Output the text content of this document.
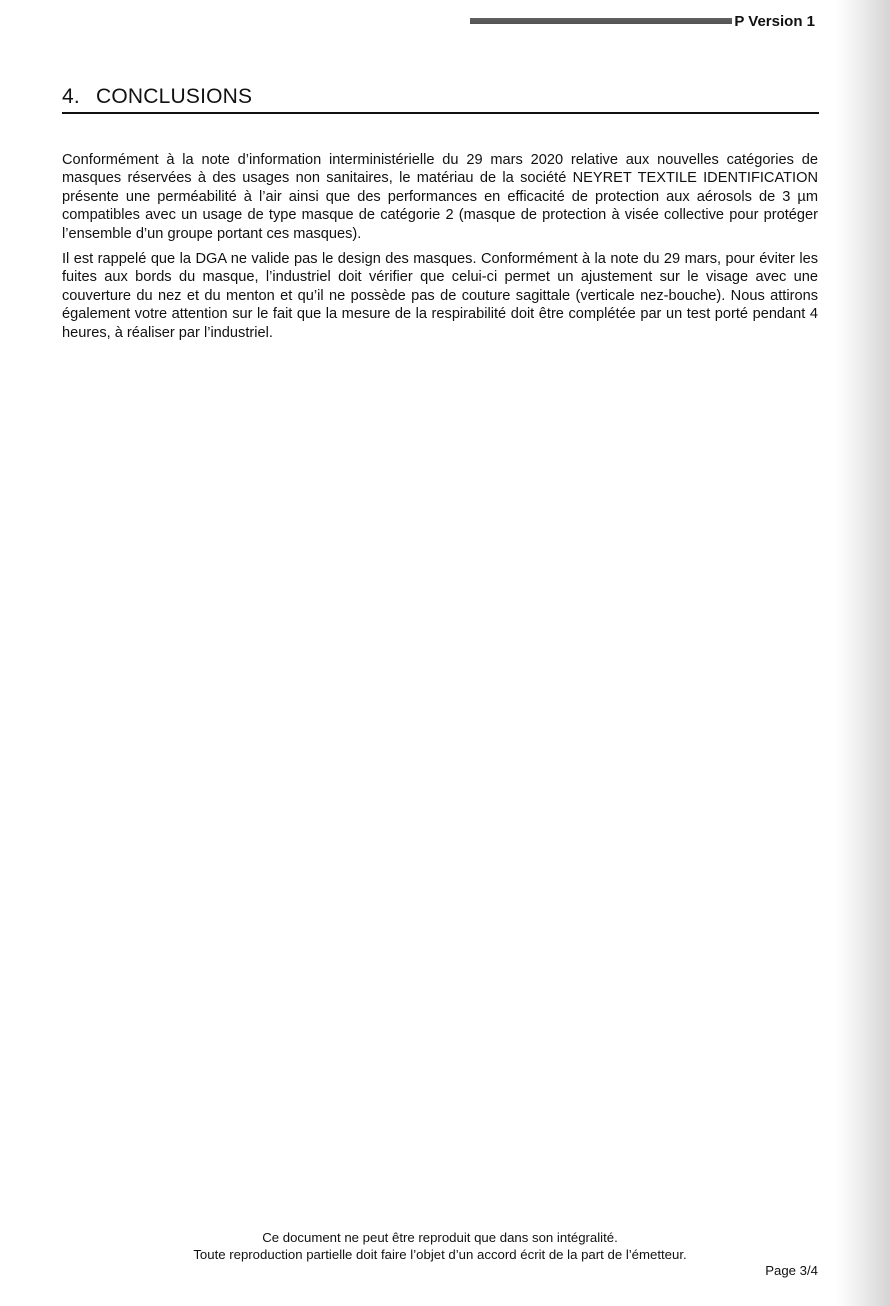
P Version 1
4. CONCLUSIONS

Conformément à la note d’information interministérielle du 29 mars 2020 relative aux nouvelles catégories de masques réservées à des usages non sanitaires, le matériau de la société NEYRET TEXTILE IDENTIFICATION présente une perméabilité à l’air ainsi que des performances en efficacité de protection aux aérosols de 3 µm compatibles avec un usage de type masque de catégorie 2 (masque de protection à visée collective pour protéger l’ensemble d’un groupe portant ces masques).

Il est rappelé que la DGA ne valide pas le design des masques. Conformément à la note du 29 mars, pour éviter les fuites aux bords du masque, l’industriel doit vérifier que celui-ci permet un ajustement sur le visage avec une couverture du nez et du menton et qu’il ne possède pas de couture sagittale (verticale nez-bouche). Nous attirons également votre attention sur le fait que la mesure de la respirabilité doit être complétée par un test porté pendant 4 heures, à réaliser par l’industriel.

Ce document ne peut être reproduit que dans son intégralité.
Toute reproduction partielle doit faire l’objet d’un accord écrit de la part de l’émetteur.
Page 3/4
